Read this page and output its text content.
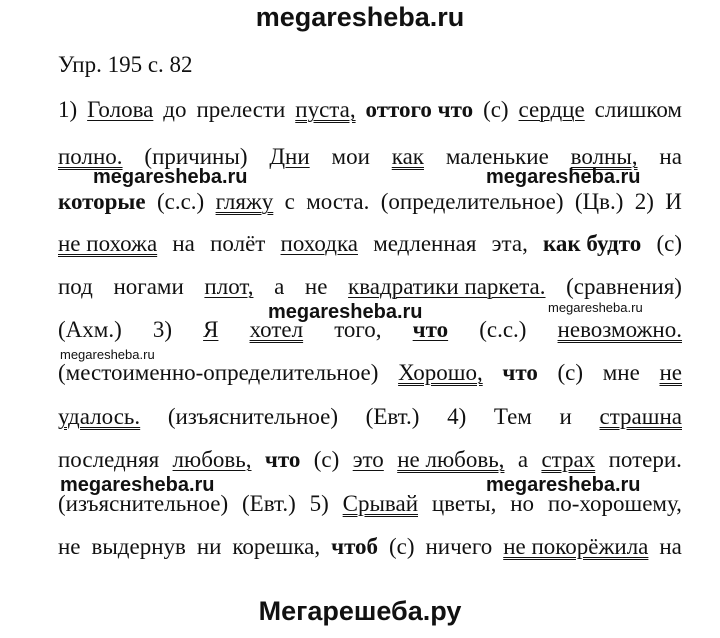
megaresheba.ru
Упр. 195 с. 82
1) Голова до прелести пуста, оттого что (с) сердце слишком
полно. (причины) Дни мои как маленькие волны, на
которые (с.с.) гляжу с моста. (определительное) (Цв.) 2) И
не похожа на полёт походка медленная эта, как будто (с)
под ногами плот, а не квадратики паркета. (сравнения)
(Ахм.) 3) Я хотел того, что (с.с.) невозможно.
(местоименно-определительное) Хорошо, что (с) мне не
удалось. (изъяснительное) (Евт.) 4) Тем и страшна
последняя любовь, что (с) это не любовь, а страх потери.
(изъяснительное) (Евт.) 5) Срывай цветы, но по-хорошему,
не выдернув ни корешка, чтоб (с) ничего не покорёжила на
megaresheba.ru	megaresheba.ru
megaresheba.ru	megaresheba.ru
megaresheba.ru
megaresheba.ru	megaresheba.ru
Мегарешеба.ру
